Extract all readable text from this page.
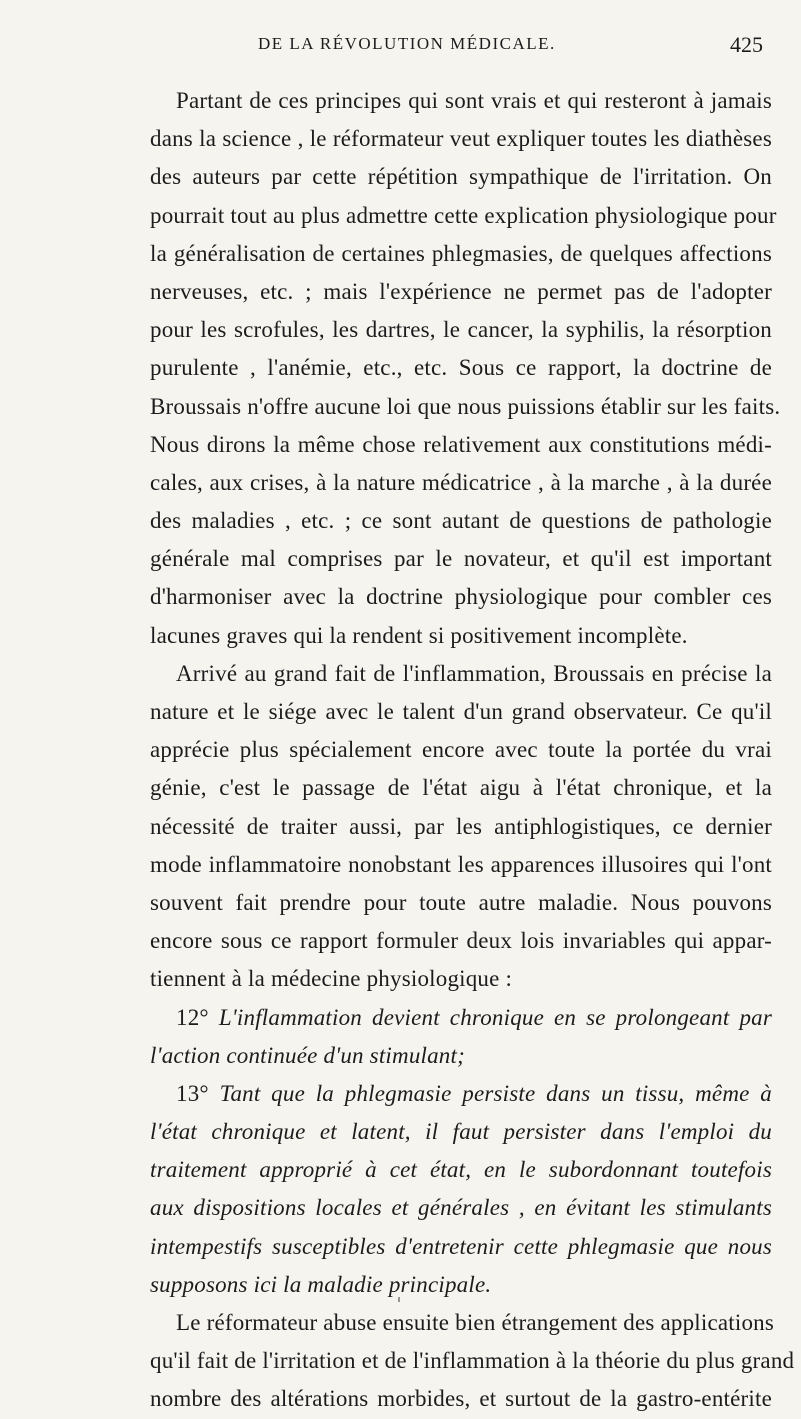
DE LA RÉVOLUTION MÉDICALE.	425
Partant de ces principes qui sont vrais et qui resteront à jamais
dans la science , le réformateur veut expliquer toutes les diathèses
des auteurs par cette répétition sympathique de l'irritation. On
pourrait tout au plus admettre cette explication physiologique pour
la généralisation de certaines phlegmasies, de quelques affections
nerveuses, etc. ; mais l'expérience ne permet pas de l'adopter
pour les scrofules, les dartres, le cancer, la syphilis, la résorption
purulente , l'anémie, etc., etc. Sous ce rapport, la doctrine de
Broussais n'offre aucune loi que nous puissions établir sur les faits.
Nous dirons la même chose relativement aux constitutions médi-
cales, aux crises, à la nature médicatrice , à la marche , à la durée
des maladies , etc. ; ce sont autant de questions de pathologie
générale mal comprises par le novateur, et qu'il est important
d'harmoniser avec la doctrine physiologique pour combler ces
lacunes graves qui la rendent si positivement incomplète.
Arrivé au grand fait de l'inflammation, Broussais en précise la
nature et le siége avec le talent d'un grand observateur. Ce qu'il
apprécie plus spécialement encore avec toute la portée du vrai
génie, c'est le passage de l'état aigu à l'état chronique, et la
nécessité de traiter aussi, par les antiphlogistiques, ce dernier
mode inflammatoire nonobstant les apparences illusoires qui l'ont
souvent fait prendre pour toute autre maladie. Nous pouvons
encore sous ce rapport formuler deux lois invariables qui appar-
tiennent à la médecine physiologique :
12° L'inflammation devient chronique en se prolongeant par
l'action continuée d'un stimulant;
13° Tant que la phlegmasie persiste dans un tissu, même à
l'état chronique et latent, il faut persister dans l'emploi du
traitement approprié à cet état, en le subordonnant toutefois
aux dispositions locales et générales , en évitant les stimulants
intempestifs susceptibles d'entretenir cette phlegmasie que nous
supposons ici la maladie principale.
Le réformateur abuse ensuite bien étrangement des applications
qu'il fait de l'irritation et de l'inflammation à la théorie du plus grand
nombre des altérations morbides, et surtout de la gastro-entérite
